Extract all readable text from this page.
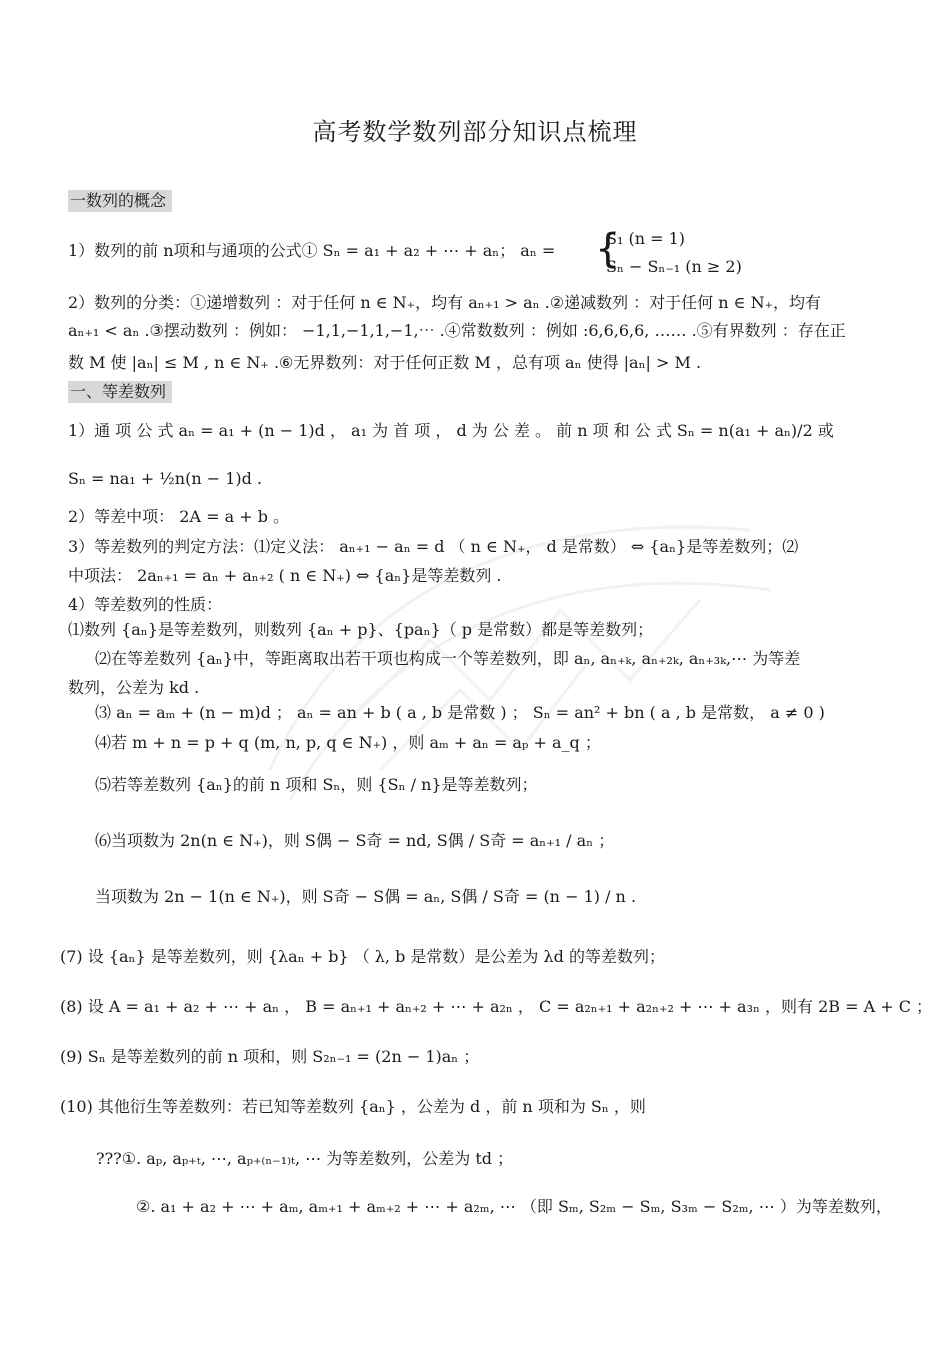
高考数学数列部分知识点梳理
一数列的概念
1）数列的前 n项和与通项的公式① Sₙ = a₁ + a₂ + ⋯ + aₙ； aₙ = {
S₁ (n = 1)
Sₙ − Sₙ₋₁ (n ≥ 2)
2）数列的分类：①递增数列 ：对于任何 n ∈ N₊，均有 aₙ₊₁ > aₙ .②递减数列 ：对于任何 n ∈ N₊，均有
aₙ₊₁ < aₙ .③摆动数列 ：例如： −1,1,−1,1,−1,⋯ .④常数数列 ：例如 :6,6,6,6, …… .⑤有界数列 ：存在正
数 M 使 |aₙ| ≤ M , n ∈ N₊ .⑥无界数列：对于任何正数 M ，总有项 aₙ 使得 |aₙ| > M .
一、等差数列
1）通 项 公 式 aₙ = a₁ + (n − 1)d ， a₁ 为 首 项 ， d 为 公 差 。 前 n 项 和 公 式 Sₙ = n(a₁ + aₙ)/2 或
Sₙ = na₁ + ½n(n − 1)d .
2）等差中项： 2A = a + b 。
3）等差数列的判定方法：⑴定义法： aₙ₊₁ − aₙ = d （ n ∈ N₊， d 是常数） ⇔ {aₙ}是等差数列；⑵
中项法： 2aₙ₊₁ = aₙ + aₙ₊₂ ( n ∈ N₊) ⇔ {aₙ}是等差数列 .
4）等差数列的性质：
⑴数列 {aₙ}是等差数列，则数列 {aₙ + p}、{paₙ}（ p 是常数）都是等差数列；
⑵在等差数列 {aₙ}中，等距离取出若干项也构成一个等差数列，即 aₙ, aₙ₊ₖ, aₙ₊₂ₖ, aₙ₊₃ₖ,⋯ 为等差
数列，公差为 kd .
⑶ aₙ = aₘ + (n − m)d ； aₙ = an + b ( a , b 是常数 ) ； Sₙ = an² + bn ( a , b 是常数， a ≠ 0 )
⑷若 m + n = p + q (m, n, p, q ∈ N₊) ，则 aₘ + aₙ = aₚ + a_q ；
⑸若等差数列 {aₙ}的前 n 项和 Sₙ，则 {Sₙ / n}是等差数列；
⑹当项数为 2n(n ∈ N₊)，则 S偶 − S奇 = nd, S偶 / S奇 = aₙ₊₁ / aₙ ；
当项数为 2n − 1(n ∈ N₊)，则 S奇 − S偶 = aₙ, S偶 / S奇 = (n − 1) / n .
(7) 设 {aₙ} 是等差数列，则 {λaₙ + b} （ λ, b 是常数）是公差为 λd 的等差数列；
(8) 设 A = a₁ + a₂ + ⋯ + aₙ ， B = aₙ₊₁ + aₙ₊₂ + ⋯ + a₂ₙ ， C = a₂ₙ₊₁ + a₂ₙ₊₂ + ⋯ + a₃ₙ ，则有 2B = A + C ；
(9) Sₙ 是等差数列的前 n 项和，则 S₂ₙ₋₁ = (2n − 1)aₙ ；
(10) 其他衍生等差数列：若已知等差数列 {aₙ} ，公差为 d ，前 n 项和为 Sₙ ，则
???①. aₚ, aₚ₊ₜ, ⋯, aₚ₊₍ₙ₋₁₎ₜ, ⋯ 为等差数列，公差为 td ；
②. a₁ + a₂ + ⋯ + aₘ, aₘ₊₁ + aₘ₊₂ + ⋯ + a₂ₘ, ⋯ （即 Sₘ, S₂ₘ − Sₘ, S₃ₘ − S₂ₘ, ⋯ ）为等差数列，
